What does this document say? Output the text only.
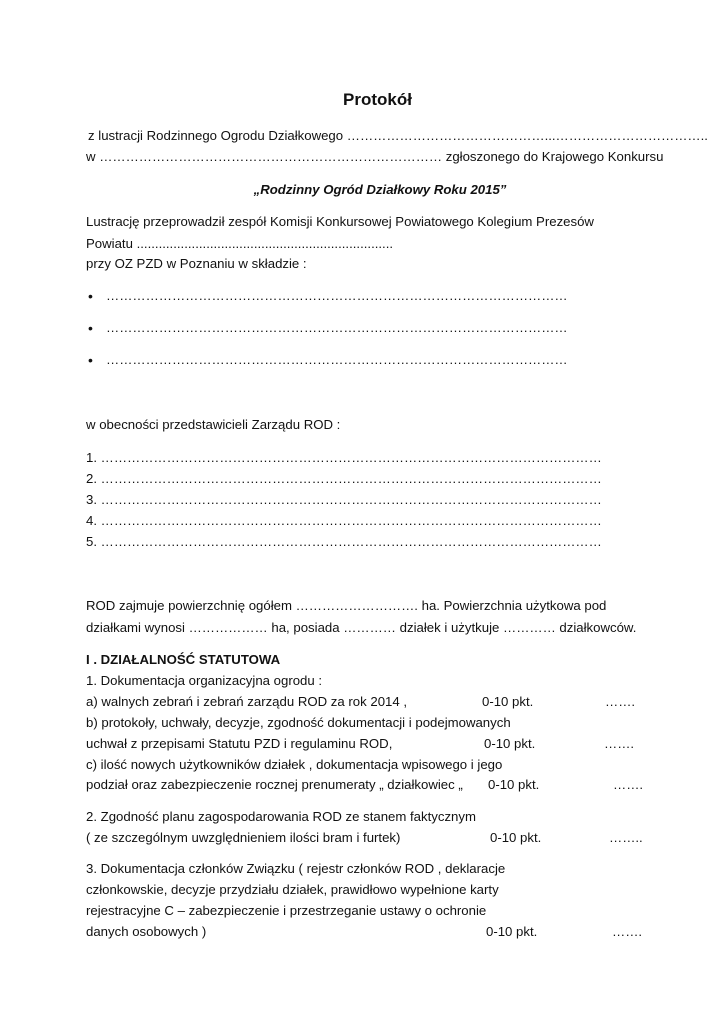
Protokół
z lustracji Rodzinnego Ogrodu Działkowego ………………………………………...……………………………..
w …………………………………………………………………… zgłoszonego do Krajowego Konkursu
„Rodzinny Ogród Działkowy Roku 2015”
Lustrację przeprowadził zespół Komisji Konkursowej Powiatowego Kolegium Prezesów
Powiatu ......................................................................
przy OZ PZD w Poznaniu w składzie :
• ……………………………………………………………………………………………
• ……………………………………………………………………………………………
• ……………………………………………………………………………………………
w obecności przedstawicieli Zarządu ROD :
1. ……………………………………………………………………………………………………
2. ……………………………………………………………………………………………………
3. ……………………………………………………………………………………………………
4. ……………………………………………………………………………………………………
5. ……………………………………………………………………………………………………
ROD zajmuje powierzchnię ogółem ………………………. ha. Powierzchnia użytkowa pod
działkami wynosi ……………… ha, posiada ………… działek i użytkuje ………… działkowców.
I . DZIAŁALNOŚĆ STATUTOWA
1. Dokumentacja organizacyjna ogrodu :
a) walnych zebrań i zebrań zarządu ROD za rok 2014 ,	0-10 pkt.	…….
b) protokoły, uchwały, decyzje, zgodność dokumentacji i podejmowanych
uchwał z przepisami Statutu PZD i regulaminu ROD,	0-10 pkt.	…….
c) ilość nowych użytkowników działek , dokumentacja wpisowego i jego
podział oraz zabezpieczenie rocznej prenumeraty „ działkowiec „ 0-10 pkt.	…….
2. Zgodność planu zagospodarowania ROD ze stanem faktycznym
( ze szczególnym uwzględnieniem ilości bram i furtek)	0-10 pkt.	……..
3. Dokumentacja członków Związku ( rejestr członków ROD , deklaracje
członkowskie, decyzje przydziału działek, prawidłowo wypełnione karty
rejestracyjne C – zabezpieczenie i przestrzeganie ustawy o ochronie
danych osobowych )	0-10 pkt.	…….
